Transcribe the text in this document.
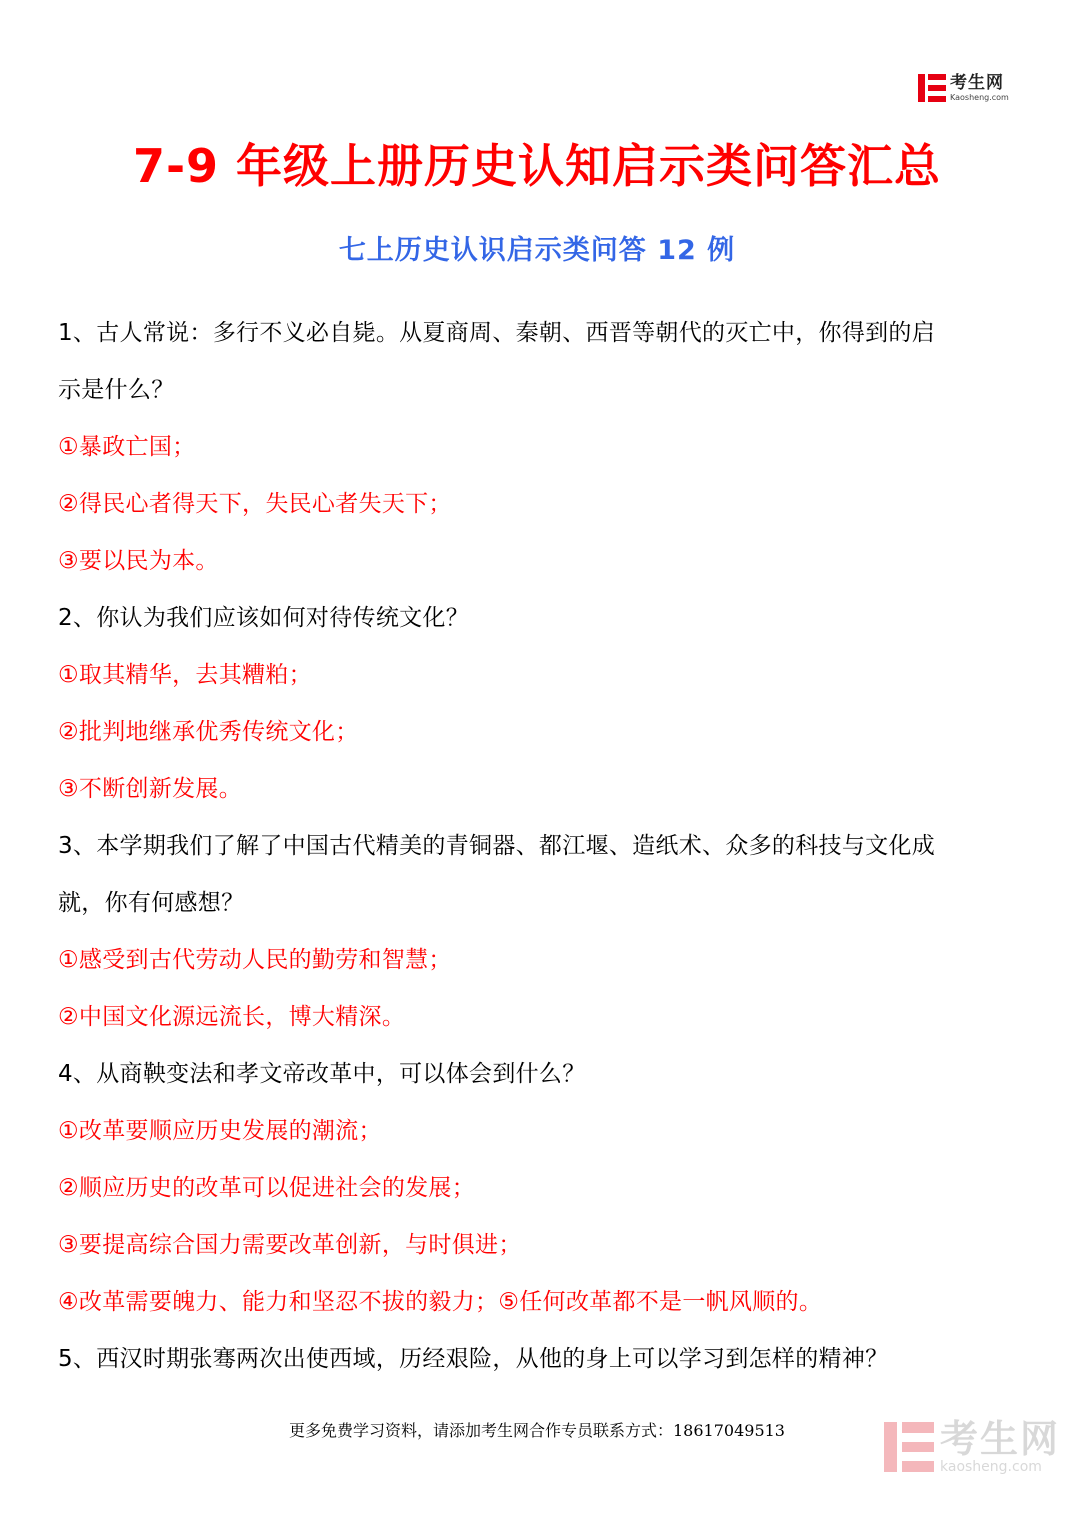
考生网
Kaosheng.com
7-9 年级上册历史认知启示类问答汇总
七上历史认识启示类问答 12 例
1、古人常说：多行不义必自毙。从夏商周、秦朝、西晋等朝代的灭亡中，你得到的启
示是什么？
①暴政亡国；
②得民心者得天下，失民心者失天下；
③要以民为本。
2、你认为我们应该如何对待传统文化？
①取其精华，去其糟粕；
②批判地继承优秀传统文化；
③不断创新发展。
3、本学期我们了解了中国古代精美的青铜器、都江堰、造纸术、众多的科技与文化成
就，你有何感想？
①感受到古代劳动人民的勤劳和智慧；
②中国文化源远流长，博大精深。
4、从商鞅变法和孝文帝改革中，可以体会到什么？
①改革要顺应历史发展的潮流；
②顺应历史的改革可以促进社会的发展；
③要提高综合国力需要改革创新，与时俱进；
④改革需要魄力、能力和坚忍不拔的毅力；⑤任何改革都不是一帆风顺的。
5、西汉时期张骞两次出使西域，历经艰险，从他的身上可以学习到怎样的精神？
更多免费学习资料，请添加考生网合作专员联系方式：18617049513	考生网
kaosheng.com
